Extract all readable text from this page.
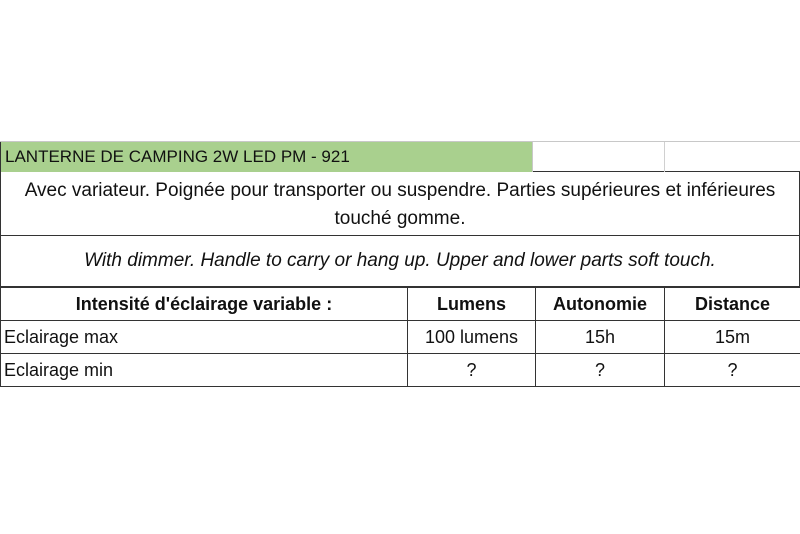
LANTERNE DE CAMPING 2W LED PM - 921
Avec variateur. Poignée pour transporter ou suspendre. Parties supérieures et inférieures touché gomme.
With dimmer. Handle to carry or hang up. Upper and lower parts soft touch.
Intensité d'éclairage variable :	Lumens	Autonomie	Distance
Eclairage max	100 lumens	15h	15m
Eclairage min	?	?	?
